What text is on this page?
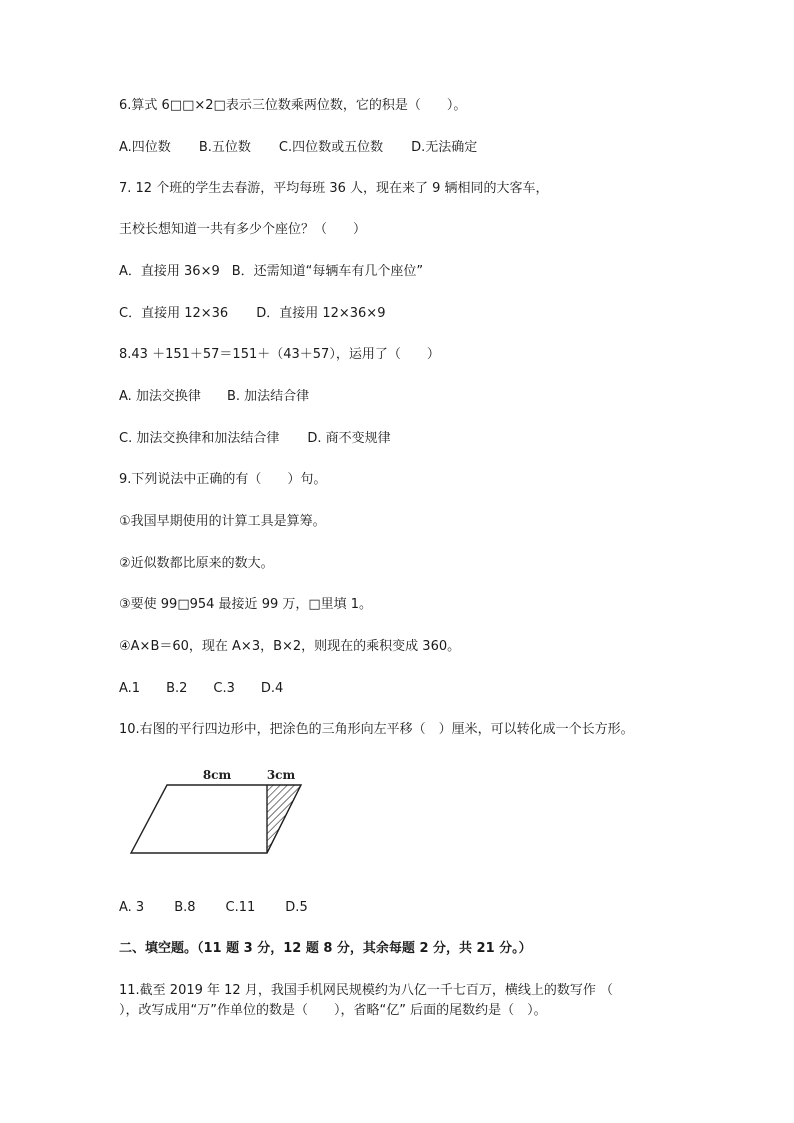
6.算式 6□□×2□表示三位数乘两位数，它的积是（　　）。
A.四位数 B.五位数 C.四位数或五位数 D.无法确定
7. 12 个班的学生去春游，平均每班 36 人，现在来了 9 辆相同的大客车，
王校长想知道一共有多少个座位？（　　）
A．直接用 36×9 B．还需知道“每辆车有几个座位”
C．直接用 12×36 D．直接用 12×36×9
8.43 ＋151＋57＝151＋（43＋57），运用了（　　）
A. 加法交换律 B. 加法结合律
C. 加法交换律和加法结合律 D. 商不变规律
9.下列说法中正确的有（　　）句。
①我国早期使用的计算工具是算筹。
②近似数都比原来的数大。
③要使 99□954 最接近 99 万，□里填 1。
④A×B＝60，现在 A×3，B×2，则现在的乘积变成 360。
A.1 B.2 C.3 D.4
10.右图的平行四边形中，把涂色的三角形向左平移（　）厘米，可以转化成一个长方形。
8cm	3cm
A. 3 B.8 C.11 D.5
二、填空题。（11 题 3 分，12 题 8 分，其余每题 2 分，共 21 分。）
11.截至 2019 年 12 月，我国手机网民规模约为八亿一千七百万，横线上的数写作 （
），改写成用“万”作单位的数是（　　），省略“亿” 后面的尾数约是（　）。
